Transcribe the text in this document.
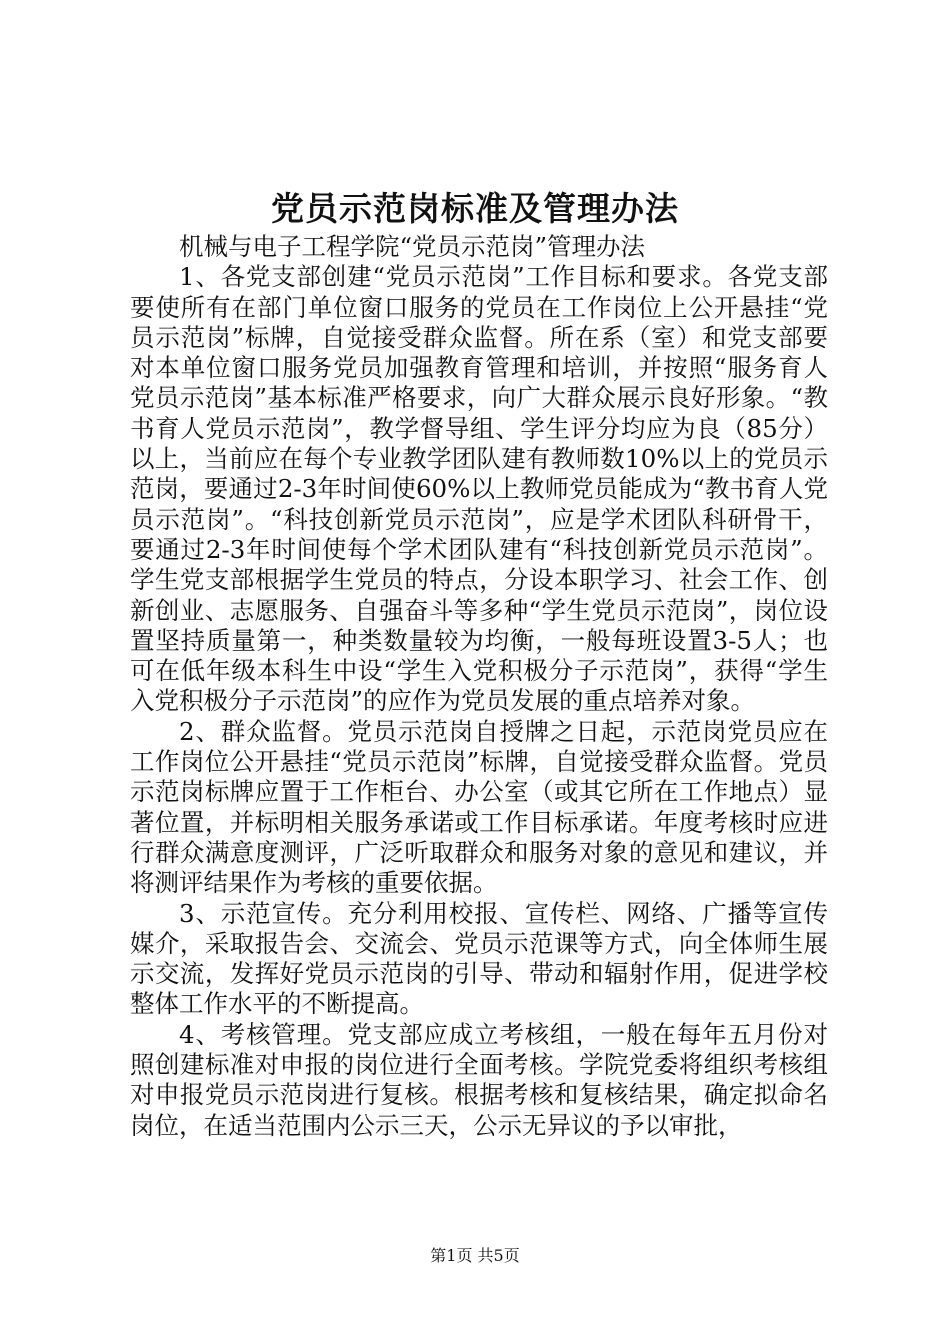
党员示范岗标准及管理办法

机械与电子工程学院“党员示范岗”管理办法

1、各党支部创建“党员示范岗”工作目标和要求。各党支部要使所有在部门单位窗口服务的党员在工作岗位上公开悬挂“党员示范岗”标牌，自觉接受群众监督。所在系（室）和党支部要对本单位窗口服务党员加强教育管理和培训，并按照“服务育人党员示范岗”基本标准严格要求，向广大群众展示良好形象。“教书育人党员示范岗”，教学督导组、学生评分均应为良（85分）以上，当前应在每个专业教学团队建有教师数10%以上的党员示范岗，要通过2-3年时间使60%以上教师党员能成为“教书育人党员示范岗”。“科技创新党员示范岗”，应是学术团队科研骨干，要通过2-3年时间使每个学术团队建有“科技创新党员示范岗”。学生党支部根据学生党员的特点，分设本职学习、社会工作、创新创业、志愿服务、自强奋斗等多种“学生党员示范岗”，岗位设置坚持质量第一，种类数量较为均衡，一般每班设置3-5人；也可在低年级本科生中设“学生入党积极分子示范岗”，获得“学生入党积极分子示范岗”的应作为党员发展的重点培养对象。

2、群众监督。党员示范岗自授牌之日起，示范岗党员应在工作岗位公开悬挂“党员示范岗”标牌，自觉接受群众监督。党员示范岗标牌应置于工作柜台、办公室（或其它所在工作地点）显著位置，并标明相关服务承诺或工作目标承诺。年度考核时应进行群众满意度测评，广泛听取群众和服务对象的意见和建议，并将测评结果作为考核的重要依据。

3、示范宣传。充分利用校报、宣传栏、网络、广播等宣传媒介，采取报告会、交流会、党员示范课等方式，向全体师生展示交流，发挥好党员示范岗的引导、带动和辐射作用，促进学校整体工作水平的不断提高。

4、考核管理。党支部应成立考核组，一般在每年五月份对照创建标准对申报的岗位进行全面考核。学院党委将组织考核组对申报党员示范岗进行复核。根据考核和复核结果，确定拟命名岗位，在适当范围内公示三天，公示无异议的予以审批，

第1页 共5页
